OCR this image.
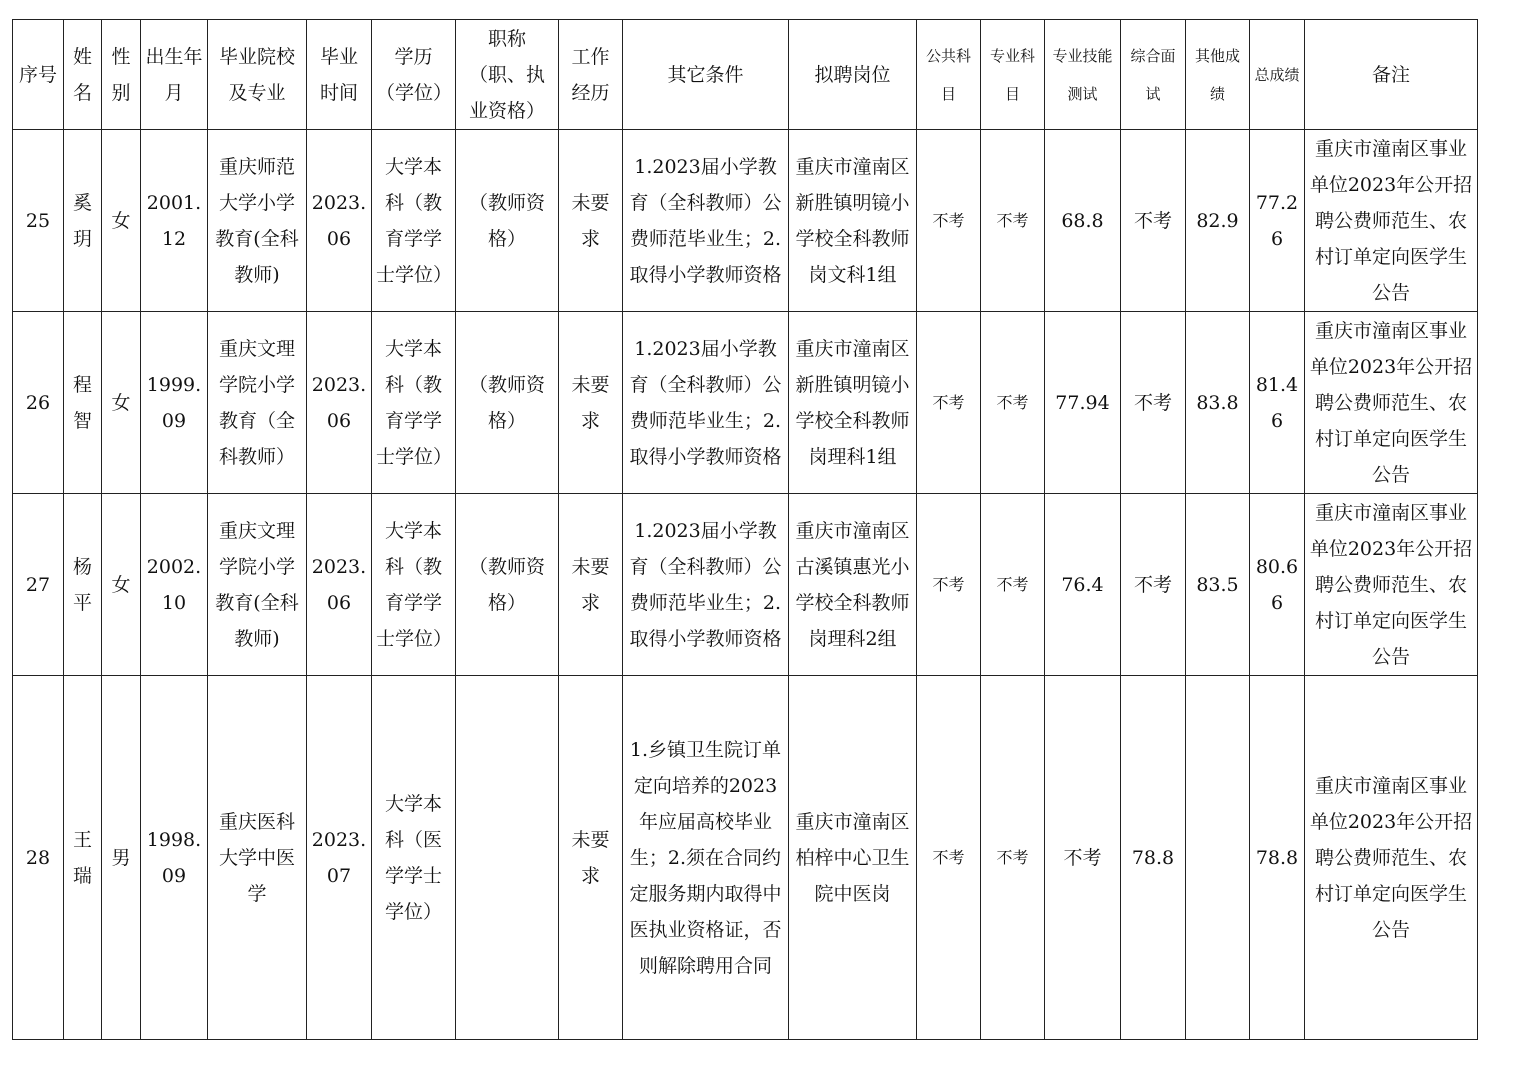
序号	姓名	性别	出生年月	毕业院校及专业	毕业时间	学历（学位）	职称（职、执业资格）	工作经历	其它条件	拟聘岗位	公共科目	专业科目	专业技能测试	综合面试	其他成绩	总成绩	备注
25	奚玥	女	2001.12	重庆师范大学小学教育(全科教师)	2023.06	大学本科（教育学学士学位）	（教师资格）	未要求	1.2023届小学教育（全科教师）公费师范毕业生；2.取得小学教师资格	重庆市潼南区新胜镇明镜小学校全科教师岗文科1组	不考	不考	68.8	不考	82.9	77.26	重庆市潼南区事业单位2023年公开招聘公费师范生、农村订单定向医学生公告
26	程智	女	1999.09	重庆文理学院小学教育（全科教师）	2023.06	大学本科（教育学学士学位）	（教师资格）	未要求	1.2023届小学教育（全科教师）公费师范毕业生；2.取得小学教师资格	重庆市潼南区新胜镇明镜小学校全科教师岗理科1组	不考	不考	77.94	不考	83.8	81.46	重庆市潼南区事业单位2023年公开招聘公费师范生、农村订单定向医学生公告
27	杨平	女	2002.10	重庆文理学院小学教育(全科教师)	2023.06	大学本科（教育学学士学位）	（教师资格）	未要求	1.2023届小学教育（全科教师）公费师范毕业生；2.取得小学教师资格	重庆市潼南区古溪镇惠光小学校全科教师岗理科2组	不考	不考	76.4	不考	83.5	80.66	重庆市潼南区事业单位2023年公开招聘公费师范生、农村订单定向医学生公告
28	王瑞	男	1998.09	重庆医科大学中医学	2023.07	大学本科（医学学士学位）		未要求	1.乡镇卫生院订单定向培养的2023年应届高校毕业生；2.须在合同约定服务期内取得中医执业资格证，否则解除聘用合同	重庆市潼南区柏梓中心卫生院中医岗	不考	不考	不考	78.8		78.8	重庆市潼南区事业单位2023年公开招聘公费师范生、农村订单定向医学生公告
